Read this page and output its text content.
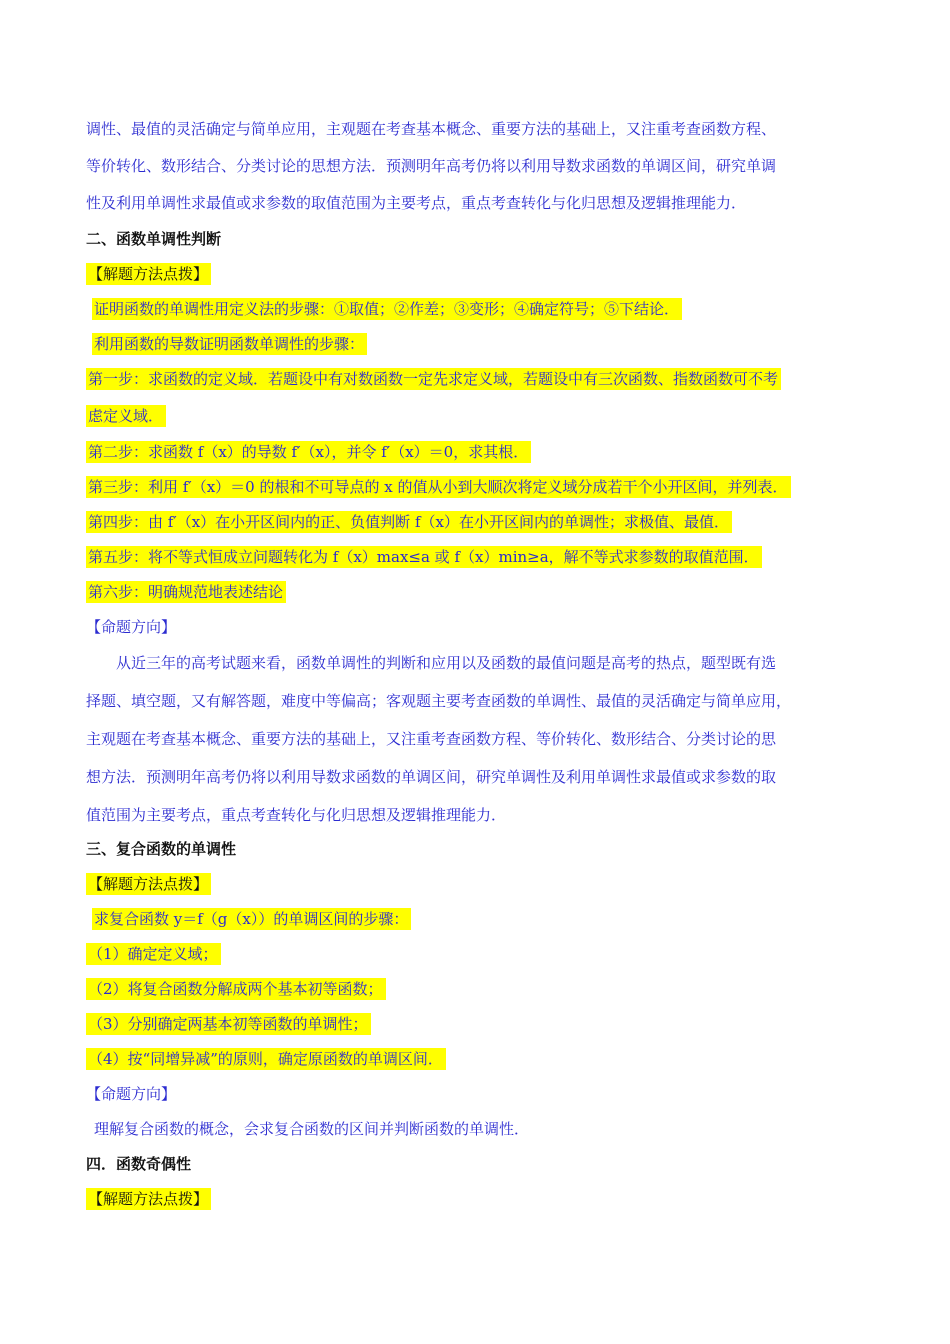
调性、最值的灵活确定与简单应用，主观题在考查基本概念、重要方法的基础上，又注重考查函数方程、
等价转化、数形结合、分类讨论的思想方法．预测明年高考仍将以利用导数求函数的单调区间，研究单调
性及利用单调性求最值或求参数的取值范围为主要考点，重点考查转化与化归思想及逻辑推理能力．
二、函数单调性判断
【解题方法点拨】
证明函数的单调性用定义法的步骤：①取值；②作差；③变形；④确定符号；⑤下结论．
利用函数的导数证明函数单调性的步骤：
第一步：求函数的定义域．若题设中有对数函数一定先求定义域，若题设中有三次函数、指数函数可不考
虑定义域．
第二步：求函数 f（x）的导数 f′（x），并令 f′（x）＝0，求其根．
第三步：利用 f′（x）＝0 的根和不可导点的 x 的值从小到大顺次将定义域分成若干个小开区间，并列表．
第四步：由 f′（x）在小开区间内的正、负值判断 f（x）在小开区间内的单调性；求极值、最值．
第五步：将不等式恒成立问题转化为 f（x）max≤a 或 f（x）min≥a，解不等式求参数的取值范围．
第六步：明确规范地表述结论
【命题方向】
从近三年的高考试题来看，函数单调性的判断和应用以及函数的最值问题是高考的热点，题型既有选
择题、填空题，又有解答题，难度中等偏高；客观题主要考查函数的单调性、最值的灵活确定与简单应用，
主观题在考查基本概念、重要方法的基础上，又注重考查函数方程、等价转化、数形结合、分类讨论的思
想方法．预测明年高考仍将以利用导数求函数的单调区间，研究单调性及利用单调性求最值或求参数的取
值范围为主要考点，重点考查转化与化归思想及逻辑推理能力．
三、复合函数的单调性
【解题方法点拨】
求复合函数 y＝f（g（x））的单调区间的步骤：
（1）确定定义域；
（2）将复合函数分解成两个基本初等函数；
（3）分别确定两基本初等函数的单调性；
（4）按“同增异减”的原则，确定原函数的单调区间．
【命题方向】
理解复合函数的概念，会求复合函数的区间并判断函数的单调性．
四．函数奇偶性
【解题方法点拨】
